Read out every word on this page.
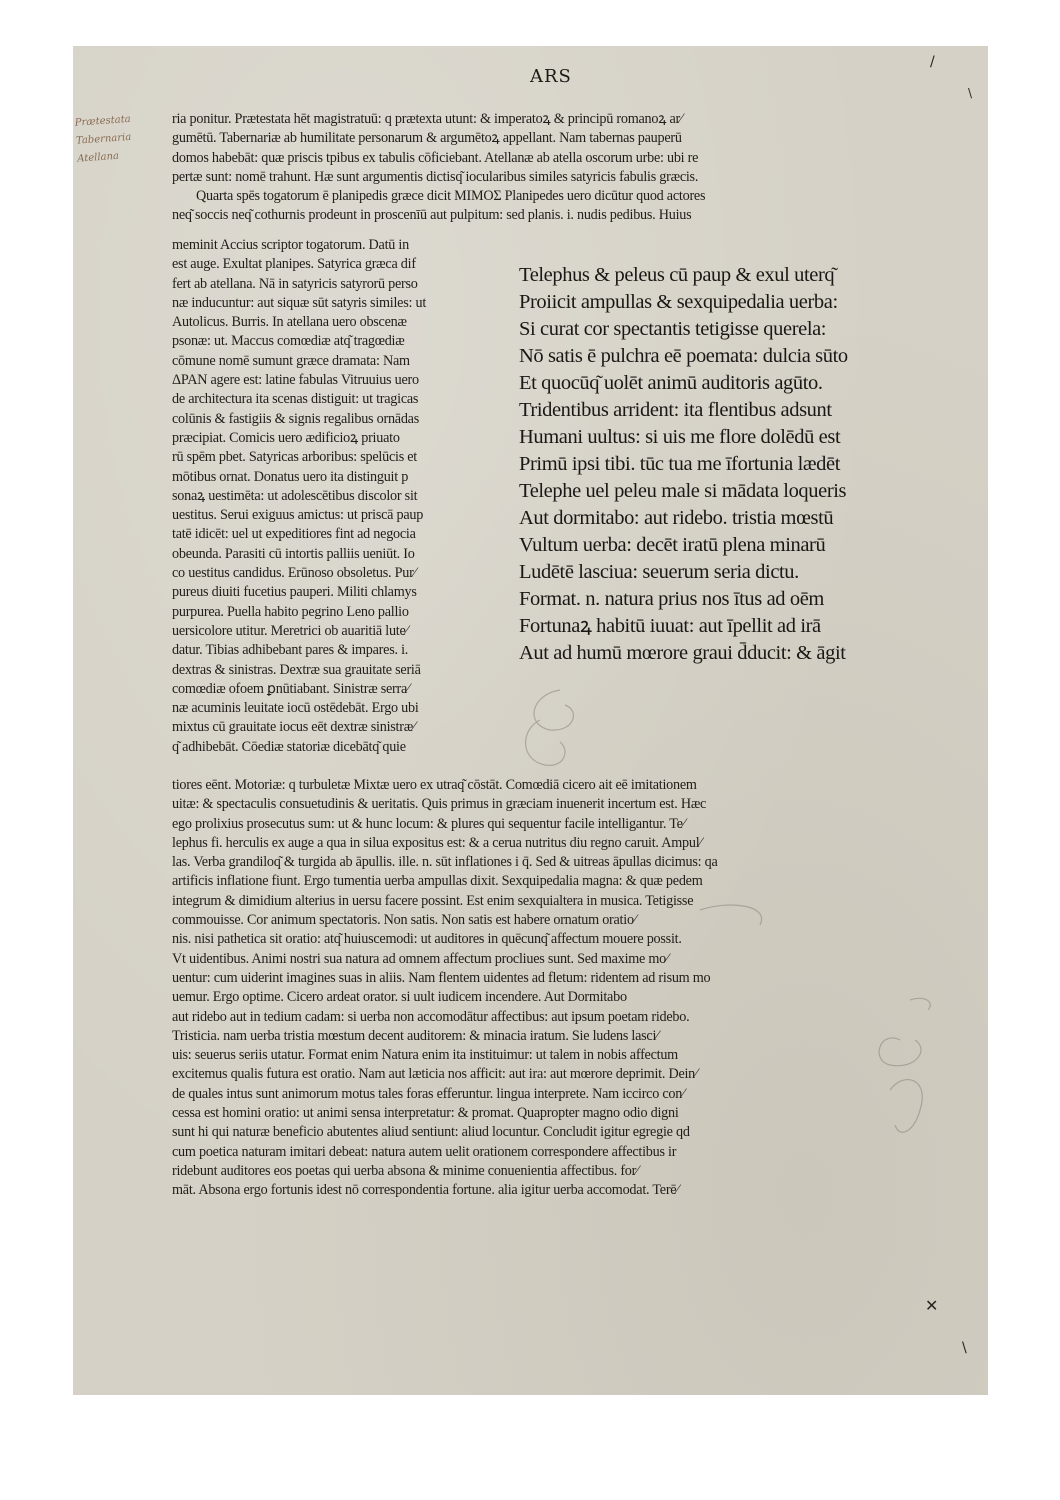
ARS
Prætestata
Tabernaria
Atellana
ria ponitur. Prætestata hēt magistratuū: q prætexta utunt: & imperatoꝝ & principū romanoꝝ ar⁄
gumētū. Tabernariæ ab humilitate personarum & argumētoꝝ appellant. Nam tabernas pauperū
domos habebāt: quæ priscis tpibus ex tabulis cōficiebant. Atellanæ ab atella oscorum urbe: ubi re
pertæ sunt: nomē trahunt. Hæ sunt argumentis dictisq͂ iocularibus similes satyricis fabulis græcis.
Quarta spēs togatorum ē planipedis græce dicit ΜΙΜΟΣ Planipedes uero dicūtur quod actores
neq͂ soccis neq͂ cothurnis prodeunt in proscenīū aut pulpitum: sed planis. i. nudis pedibus. Huius
meminit Accius scriptor togatorum. Datū in
est auge. Exultat planipes. Satyrica græca dif
fert ab atellana. Nā in satyricis satyrorū perso
næ inducuntur: aut siquæ sūt satyris similes: ut
Autolicus. Burris. In atellana uero obscenæ
psonæ: ut. Maccus comœdiæ atq͂ tragœdiæ
cōmune nomē sumunt græce dramata: Nam
ΔΡΑΝ agere est: latine fabulas Vitruuius uero
de architectura ita scenas distiguit: ut tragicas
colūnis & fastigiis & signis regalibus ornādas
præcipiat. Comicis uero ædificioꝝ priuato
rū spēm pbet. Satyricas arboribus: spelūcis et
mōtibus ornat. Donatus uero ita distinguit p
sonaꝝ uestimēta: ut adolescētibus discolor sit
uestitus. Serui exiguus amictus: ut priscā paup
tatē idicēt: uel ut expeditiores fint ad negocia
obeunda. Parasiti cū intortis palliis ueniūt. Io
co uestitus candidus. Erūnoso obsoletus. Pur⁄
pureus diuiti fucetius pauperi. Militi chlamys
purpurea. Puella habito pegrino Leno pallio
uersicolore utitur. Meretrici ob auaritiā lute⁄
datur. Tibias adhibebant pares & impares. i.
dextras & sinistras. Dextræ sua grauitate seriā
comœdiæ ofoem ꝑnūtiabant. Sinistræ serra⁄
næ acuminis leuitate iocū ostēdebāt. Ergo ubi
mixtus cū grauitate iocus eēt dextræ sinistræ⁄
q͂ adhibebāt. Cōediæ statoriæ dicebātq͂ quie
Telephus & peleus cū paup & exul uterq͂
Proiicit ampullas & sexquipedalia uerba:
Si curat cor spectantis tetigisse querela:
Nō satis ē pulchra eē poemata: dulcia sūto
Et quocūq͂ uolēt animū auditoris agūto.
Tridentibus arrident: ita flentibus adsunt
Humani uultus: si uis me flore dolēdū est
Primū ipsi tibi. tūc tua me īfortunia lædēt
Telephe uel peleu male si mādata loqueris
Aut dormitabo: aut ridebo. tristia mœstū
Vultum uerba: decēt iratū plena minarū
Ludētē lasciua: seuerum seria dictu.
Format. n. natura prius nos ītus ad oēm
Fortunaꝝ habitū iuuat: aut īpellit ad irā
Aut ad humū mœrore graui d̄ducit: & āgit
tiores eēnt. Motoriæ: q turbuletæ Mixtæ uero ex utraq͂ cōstāt. Comœdiā cicero ait eē imitationem
uitæ: & spectaculis consuetudinis & ueritatis. Quis primus in græciam inuenerit incertum est. Hæc
ego prolixius prosecutus sum: ut & hunc locum: & plures qui sequentur facile intelligantur. Te⁄
lephus fi. herculis ex auge a qua in silua expositus est: & a cerua nutritus diu regno caruit. Ampul⁄
las. Verba grandiloq͂ & turgida ab āpullis. ille. n. sūt inflationes i q̄. Sed & uitreas āpullas dicimus: qa
artificis inflatione fiunt. Ergo tumentia uerba ampullas dixit. Sexquipedalia magna: & quæ pedem
integrum & dimidium alterius in uersu facere possint. Est enim sexquialtera in musica. Tetigisse
commouisse. Cor animum spectatoris. Non satis. Non satis est habere ornatum oratio⁄
nis. nisi pathetica sit oratio: atq͂ huiuscemodi: ut auditores in quēcunq͂ affectum mouere possit.
Vt uidentibus. Animi nostri sua natura ad omnem affectum procliues sunt. Sed maxime mo⁄
uentur: cum uiderint imagines suas in aliis. Nam flentem uidentes ad fletum: ridentem ad risum mo
uemur. Ergo optime. Cicero ardeat orator. si uult iudicem incendere. Aut Dormitabo
aut ridebo aut in tedium cadam: si uerba non accomodātur affectibus: aut ipsum poetam ridebo.
Tristicia. nam uerba tristia mœstum decent auditorem: & minacia iratum. Sie ludens lasci⁄
uis: seuerus seriis utatur. Format enim Natura enim ita instituimur: ut talem in nobis affectum
excitemus qualis futura est oratio. Nam aut læticia nos afficit: aut ira: aut mœrore deprimit. Dein⁄
de quales intus sunt animorum motus tales foras efferuntur. lingua interprete. Nam iccirco con⁄
cessa est homini oratio: ut animi sensa interpretatur: & promat. Quapropter magno odio digni
sunt hi qui naturæ beneficio abutentes aliud sentiunt: aliud locuntur. Concludit igitur egregie qd
cum poetica naturam imitari debeat: natura autem uelit orationem correspondere affectibus ir
ridebunt auditores eos poetas qui uerba absona & minime conuenientia affectibus. for⁄
māt. Absona ergo fortunis idest nō correspondentia fortune. alia igitur uerba accomodat. Terē⁄
/
\
✕
\
